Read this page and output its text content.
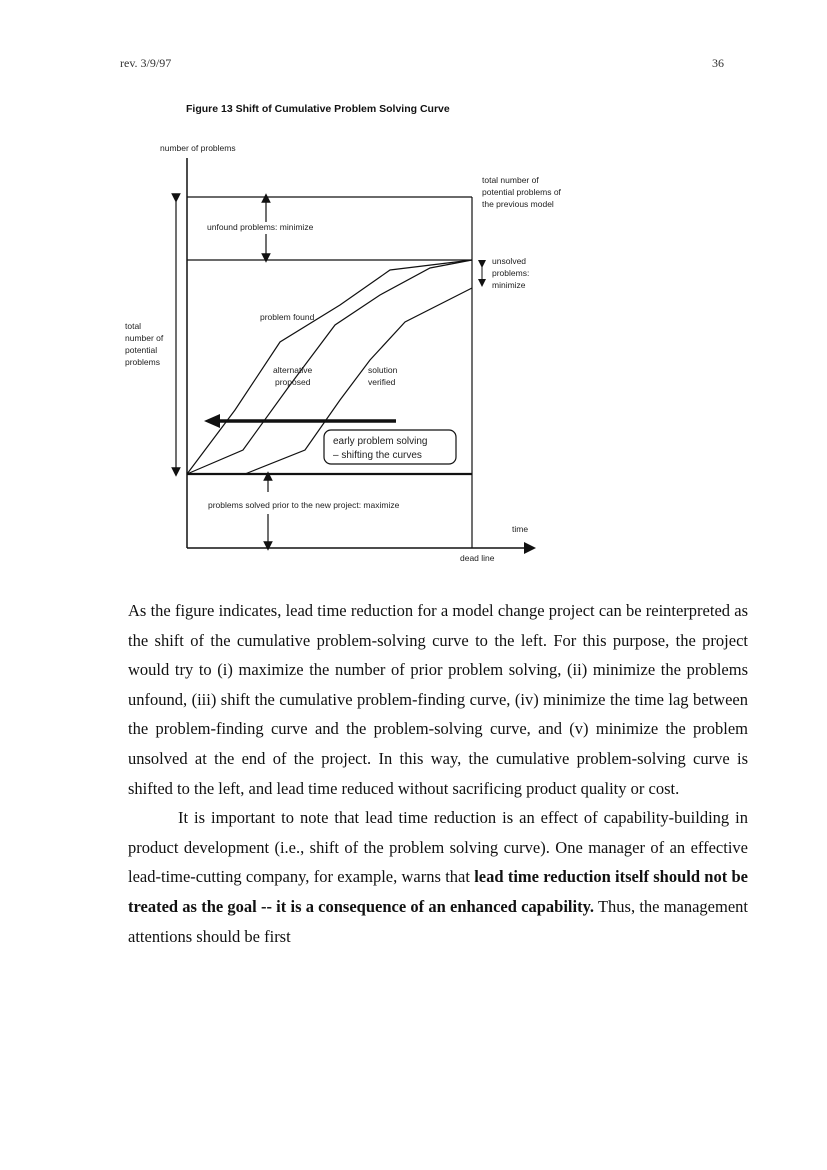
rev. 3/9/97	36
Figure 13 Shift of Cumulative Problem Solving Curve
number of problems
time
dead line
total
number of
potential
problems
total number of
potential problems of
the previous model
unfound problems: minimize
unsolved
problems:
minimize
problem found
alternative
proposed
solution
verified
early problem solving
– shifting the curves
problems solved prior to the new project: maximize

As the figure indicates, lead time reduction for a model change project can be reinterpreted as the shift of the cumulative problem-solving curve to the left. For this purpose, the project would try to (i) maximize the number of prior problem solving, (ii) minimize the problems unfound, (iii) shift the cumulative problem-finding curve, (iv) minimize the time lag between the problem-finding curve and the problem-solving curve, and (v) minimize the problem unsolved at the end of the project. In this way, the cumulative problem-solving curve is shifted to the left, and lead time reduced without sacrificing product quality or cost.

It is important to note that lead time reduction is an effect of capability-building in product development (i.e., shift of the problem solving curve). One manager of an effective lead-time-cutting company, for example, warns that lead time reduction itself should not be treated as the goal -- it is a consequence of an enhanced capability. Thus, the management attentions should be first
